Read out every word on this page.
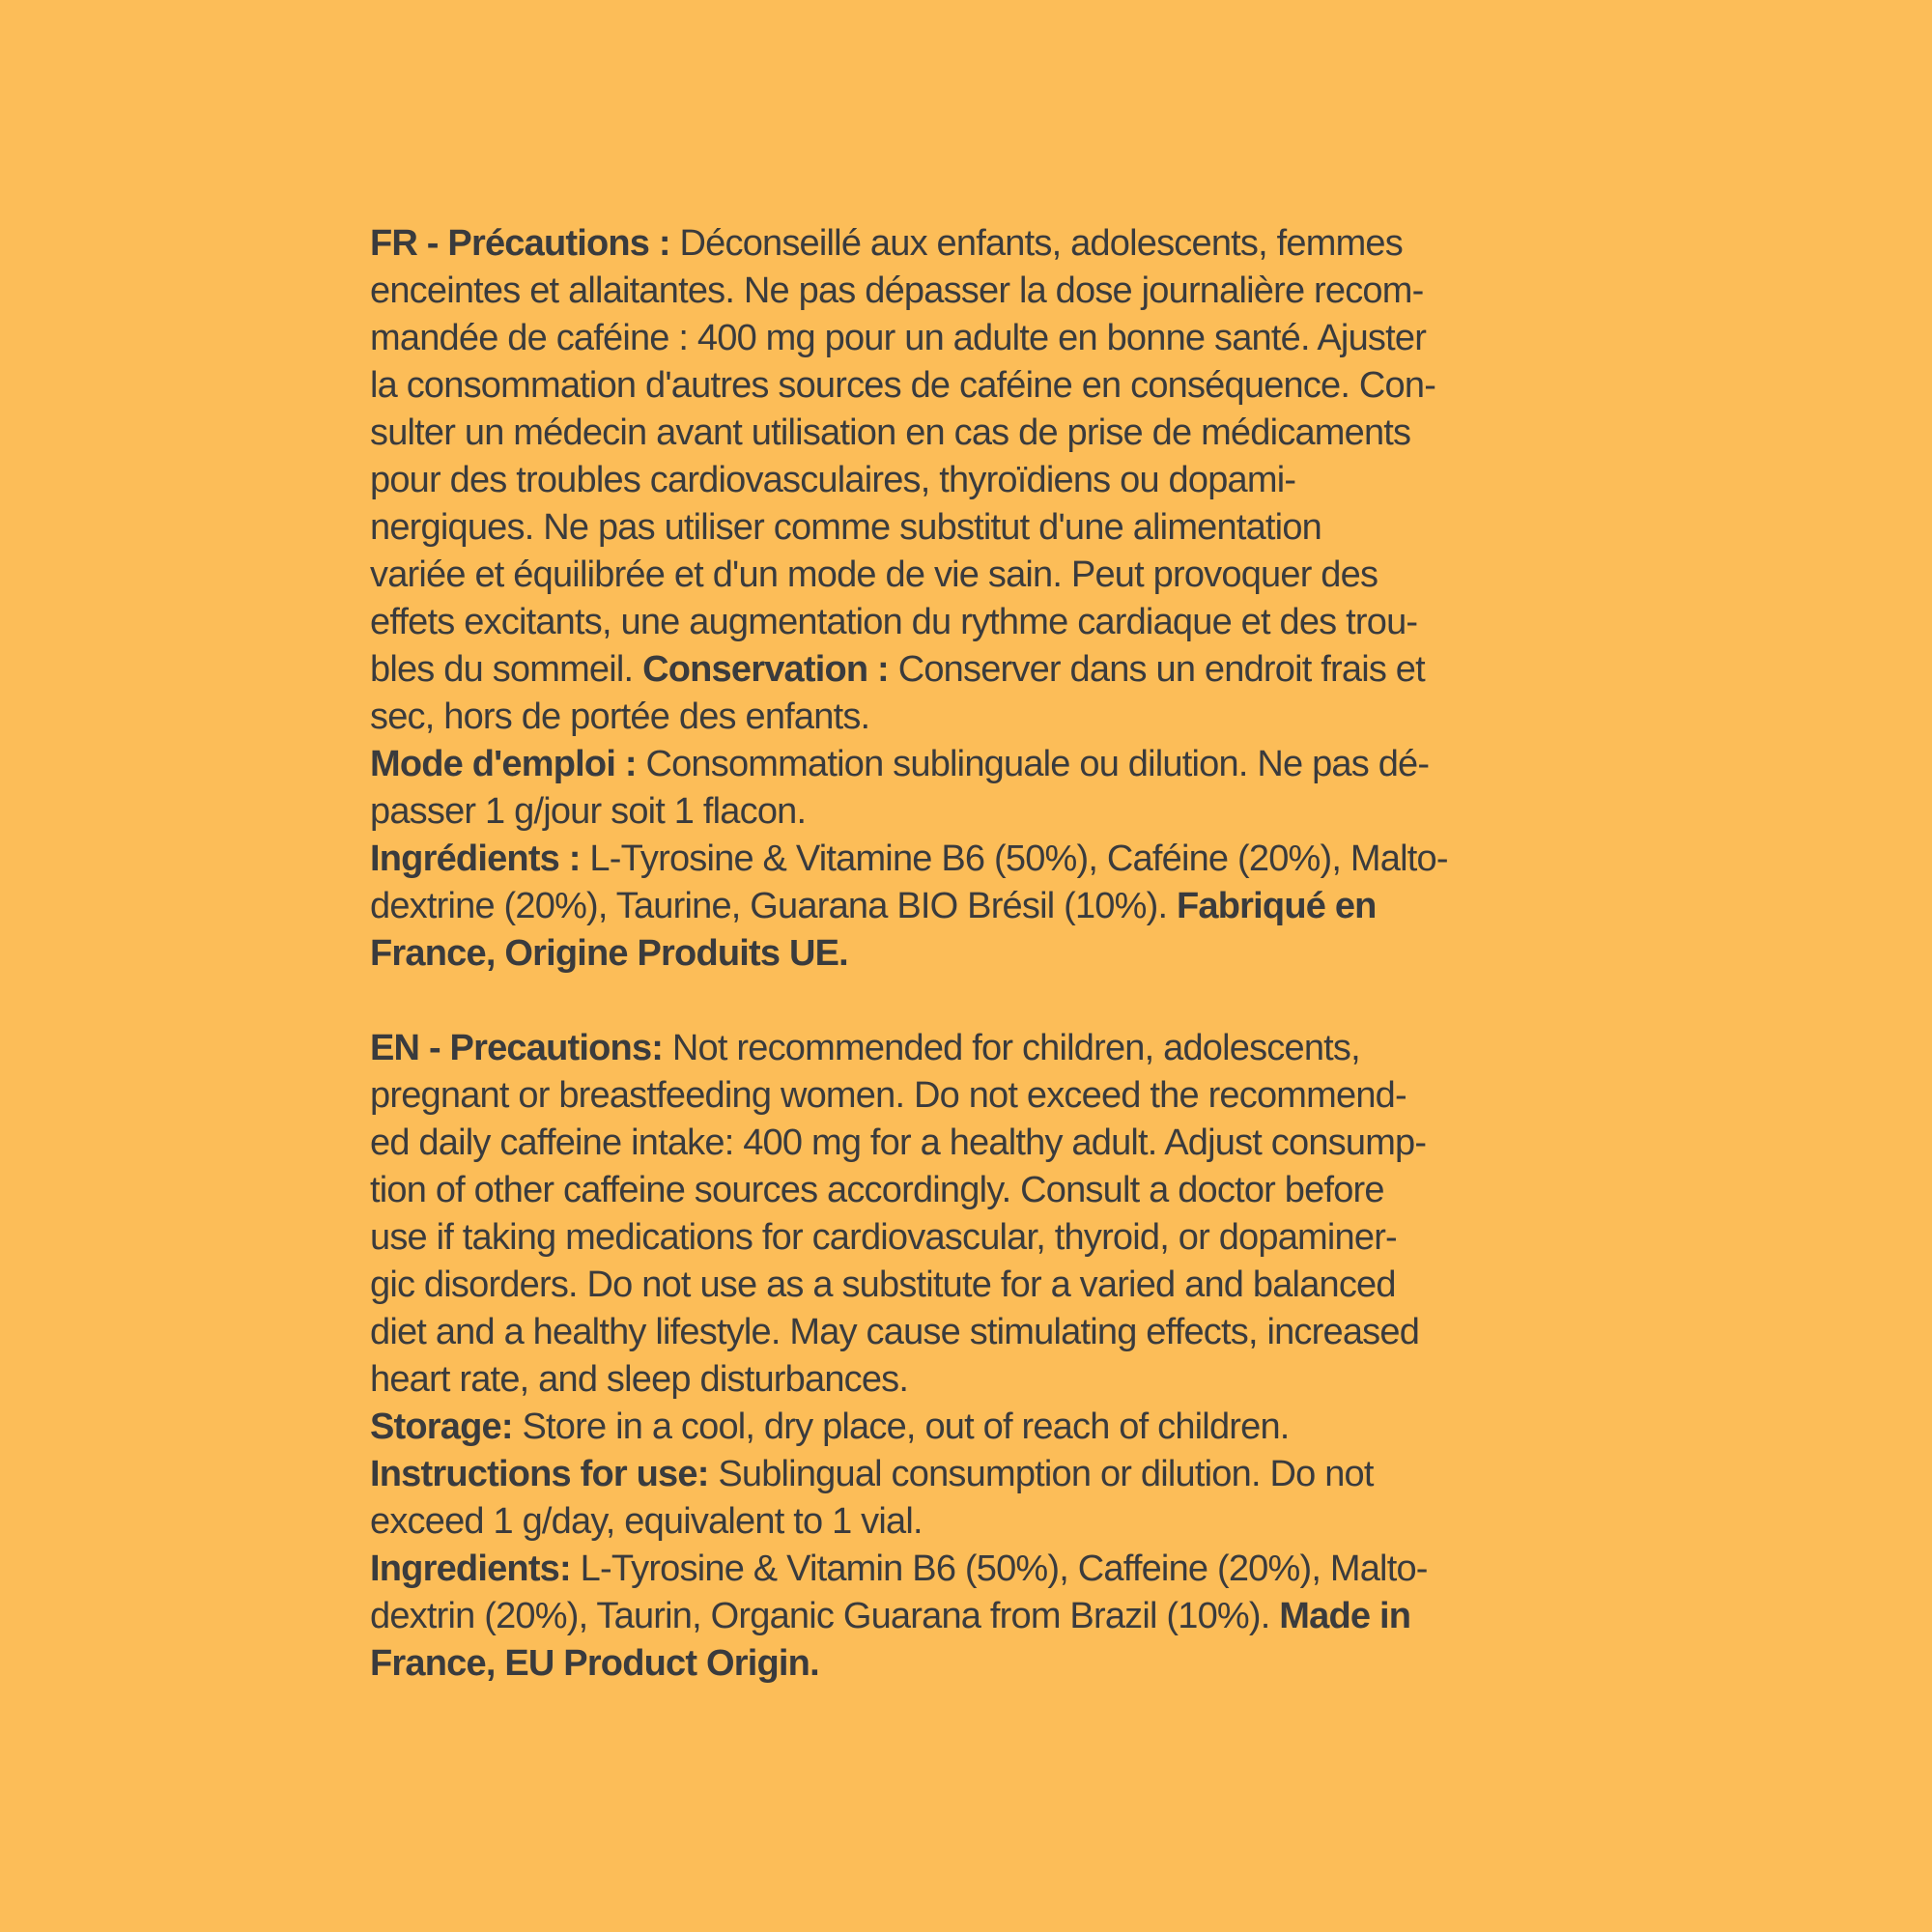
FR - Précautions : Déconseillé aux enfants, adolescents, femmes
enceintes et allaitantes. Ne pas dépasser la dose journalière recom-
mandée de caféine : 400 mg pour un adulte en bonne santé. Ajuster
la consommation d'autres sources de caféine en conséquence. Con-
sulter un médecin avant utilisation en cas de prise de médicaments
pour des troubles cardiovasculaires, thyroïdiens ou dopami-
nergiques. Ne pas utiliser comme substitut d'une alimentation
variée et équilibrée et d'un mode de vie sain. Peut provoquer des
effets excitants, une augmentation du rythme cardiaque et des trou-
bles du sommeil. Conservation : Conserver dans un endroit frais et
sec, hors de portée des enfants.
Mode d'emploi : Consommation sublinguale ou dilution. Ne pas dé-
passer 1 g/jour soit 1 flacon.
Ingrédients : L-Tyrosine & Vitamine B6 (50%), Caféine (20%), Malto-
dextrine (20%), Taurine, Guarana BIO Brésil (10%). Fabriqué en
France, Origine Produits UE.
EN - Precautions: Not recommended for children, adolescents,
pregnant or breastfeeding women. Do not exceed the recommend-
ed daily caffeine intake: 400 mg for a healthy adult. Adjust consump-
tion of other caffeine sources accordingly. Consult a doctor before
use if taking medications for cardiovascular, thyroid, or dopaminer-
gic disorders. Do not use as a substitute for a varied and balanced
diet and a healthy lifestyle. May cause stimulating effects, increased
heart rate, and sleep disturbances.
Storage: Store in a cool, dry place, out of reach of children.
Instructions for use: Sublingual consumption or dilution. Do not
exceed 1 g/day, equivalent to 1 vial.
Ingredients: L-Tyrosine & Vitamin B6 (50%), Caffeine (20%), Malto-
dextrin (20%), Taurin, Organic Guarana from Brazil (10%). Made in
France, EU Product Origin.
